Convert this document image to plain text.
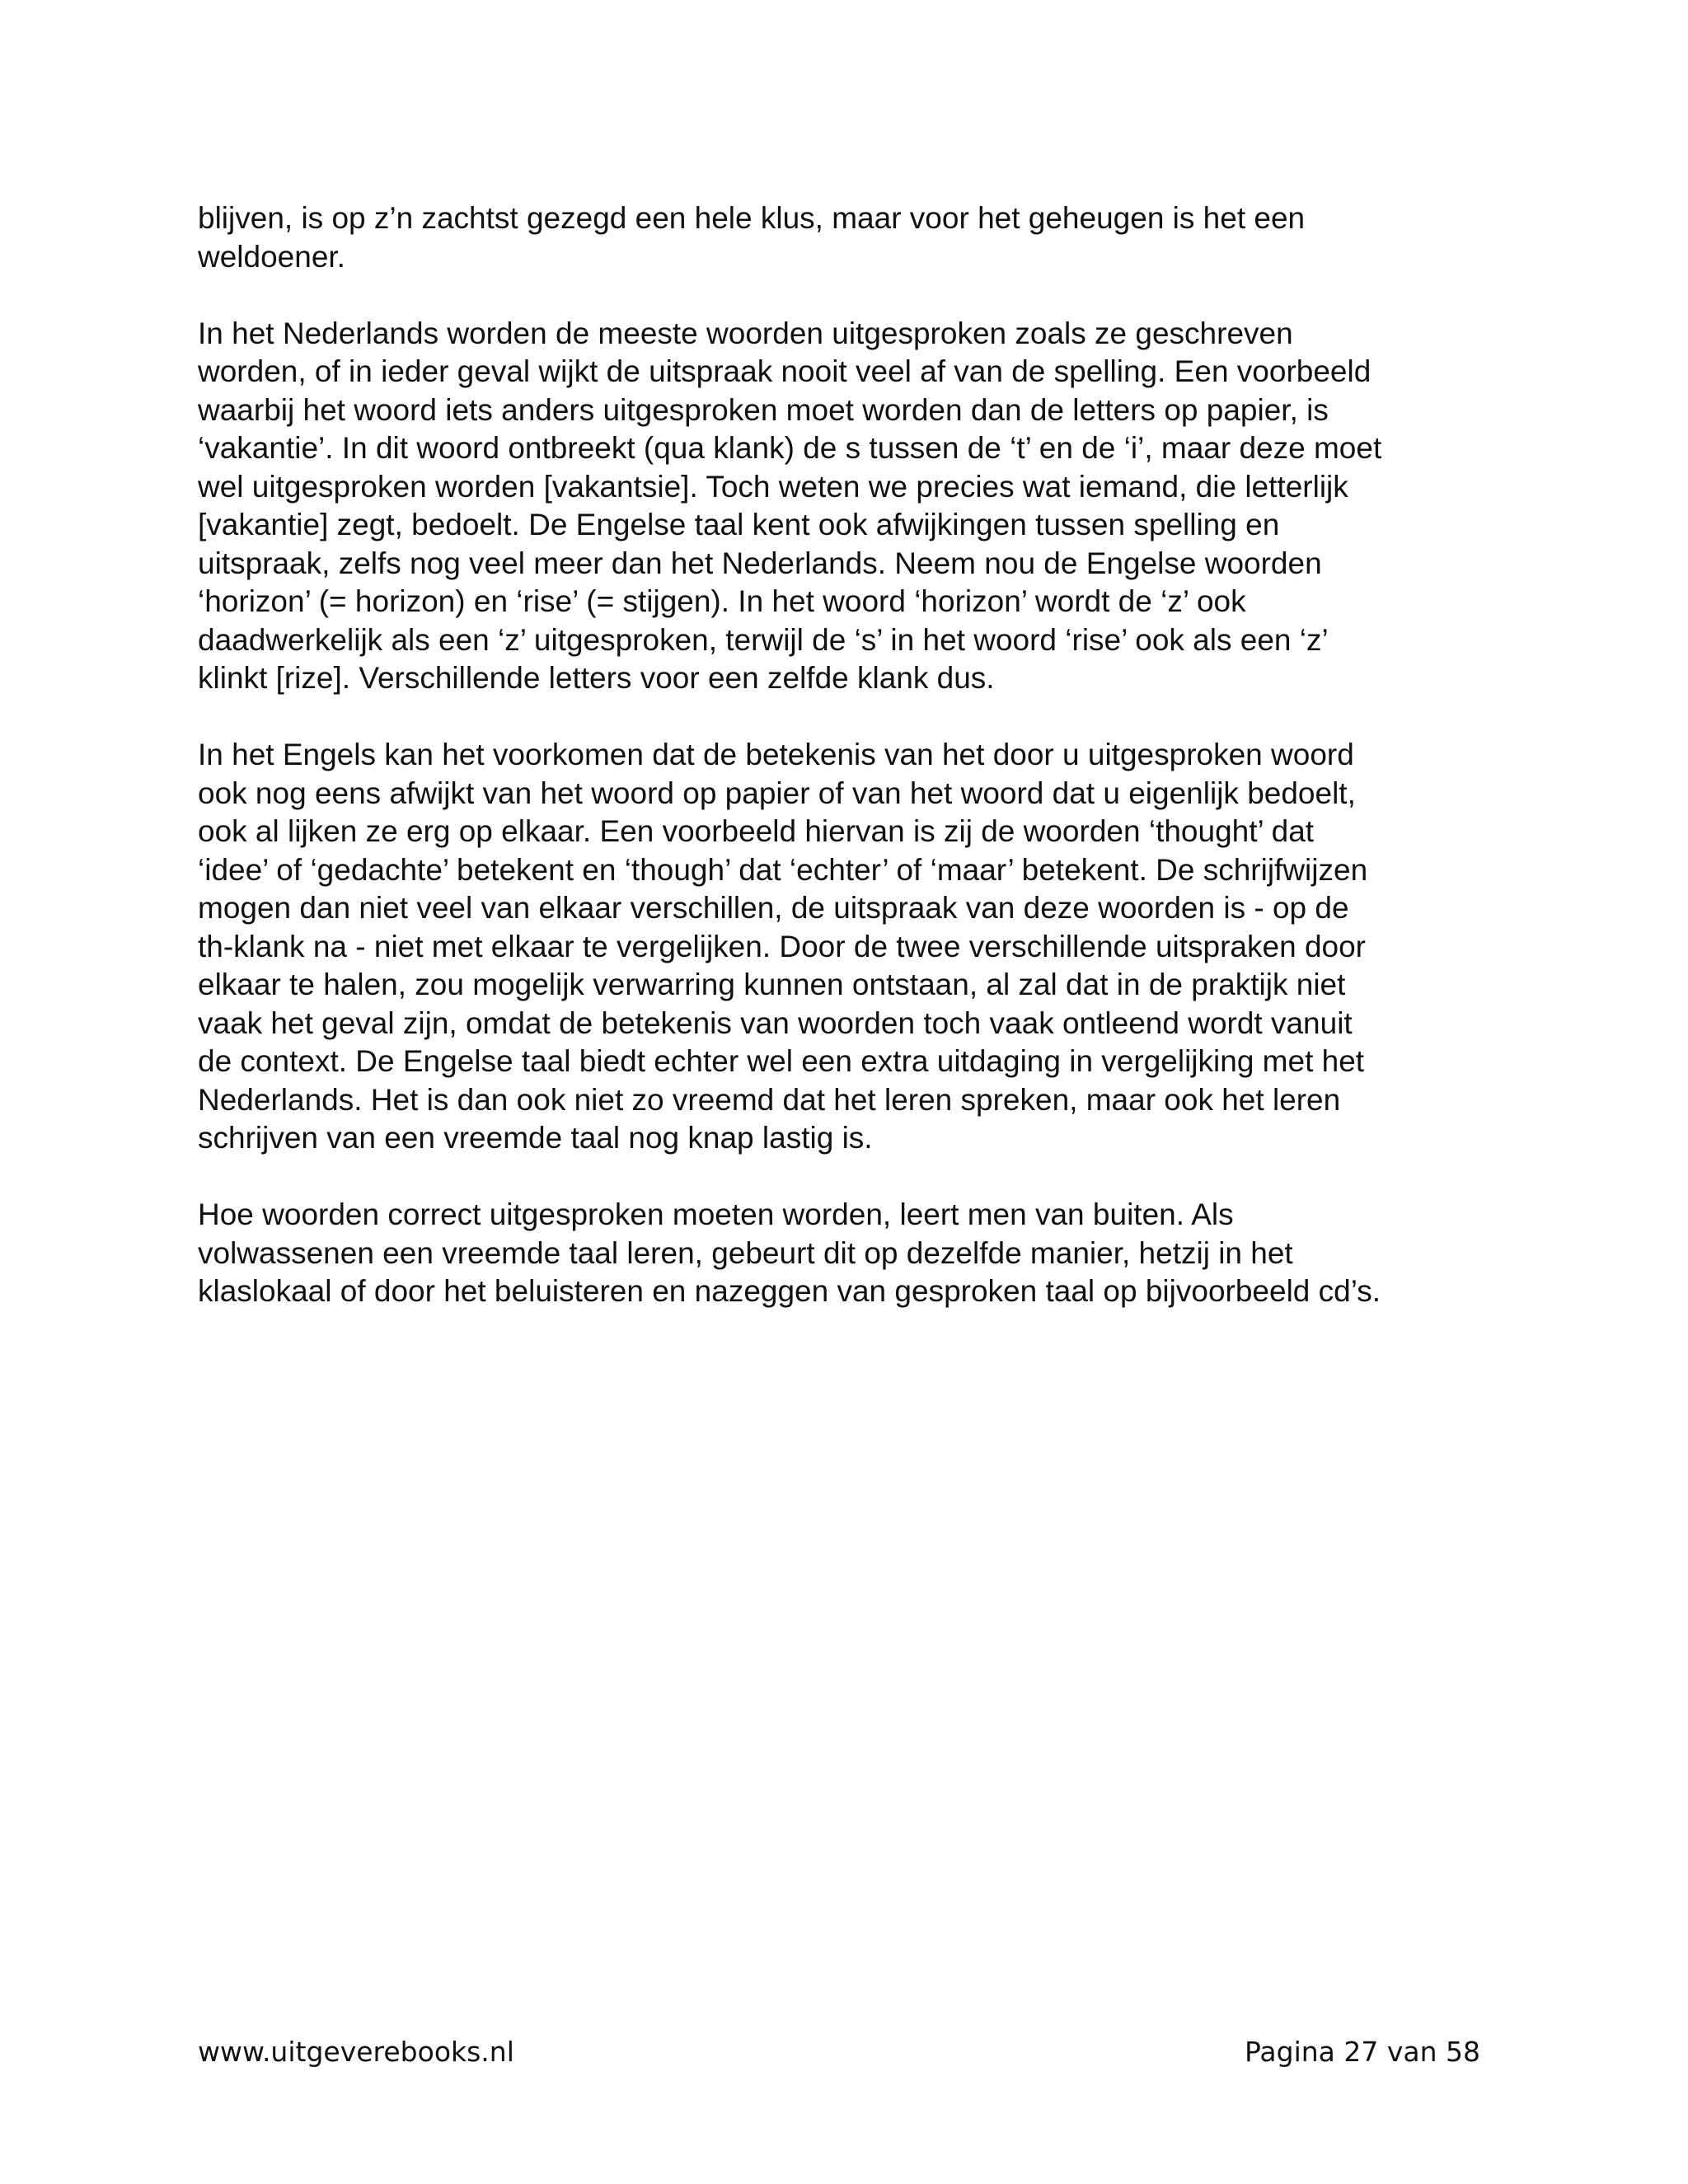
blijven, is op z’n zachtst gezegd een hele klus, maar voor het geheugen is het een
weldoener.

In het Nederlands worden de meeste woorden uitgesproken zoals ze geschreven
worden, of in ieder geval wijkt de uitspraak nooit veel af van de spelling. Een voorbeeld
waarbij het woord iets anders uitgesproken moet worden dan de letters op papier, is
‘vakantie’. In dit woord ontbreekt (qua klank) de s tussen de ‘t’ en de ‘i’, maar deze moet
wel uitgesproken worden [vakantsie]. Toch weten we precies wat iemand, die letterlijk
[vakantie] zegt, bedoelt. De Engelse taal kent ook afwijkingen tussen spelling en
uitspraak, zelfs nog veel meer dan het Nederlands. Neem nou de Engelse woorden
‘horizon’ (= horizon) en ‘rise’ (= stijgen). In het woord ‘horizon’ wordt de ‘z’ ook
daadwerkelijk als een ‘z’ uitgesproken, terwijl de ‘s’ in het woord ‘rise’ ook als een ‘z’
klinkt [rize]. Verschillende letters voor een zelfde klank dus.

In het Engels kan het voorkomen dat de betekenis van het door u uitgesproken woord
ook nog eens afwijkt van het woord op papier of van het woord dat u eigenlijk bedoelt,
ook al lijken ze erg op elkaar. Een voorbeeld hiervan is zij de woorden ‘thought’ dat
‘idee’ of ‘gedachte’ betekent en ‘though’ dat ‘echter’ of ‘maar’ betekent. De schrijfwijzen
mogen dan niet veel van elkaar verschillen, de uitspraak van deze woorden is - op de
th-klank na - niet met elkaar te vergelijken. Door de twee verschillende uitspraken door
elkaar te halen, zou mogelijk verwarring kunnen ontstaan, al zal dat in de praktijk niet
vaak het geval zijn, omdat de betekenis van woorden toch vaak ontleend wordt vanuit
de context. De Engelse taal biedt echter wel een extra uitdaging in vergelijking met het
Nederlands. Het is dan ook niet zo vreemd dat het leren spreken, maar ook het leren
schrijven van een vreemde taal nog knap lastig is.

Hoe woorden correct uitgesproken moeten worden, leert men van buiten. Als
volwassenen een vreemde taal leren, gebeurt dit op dezelfde manier, hetzij in het
klaslokaal of door het beluisteren en nazeggen van gesproken taal op bijvoorbeeld cd’s.

www.uitgeverebooks.nl	Pagina 27 van 58
